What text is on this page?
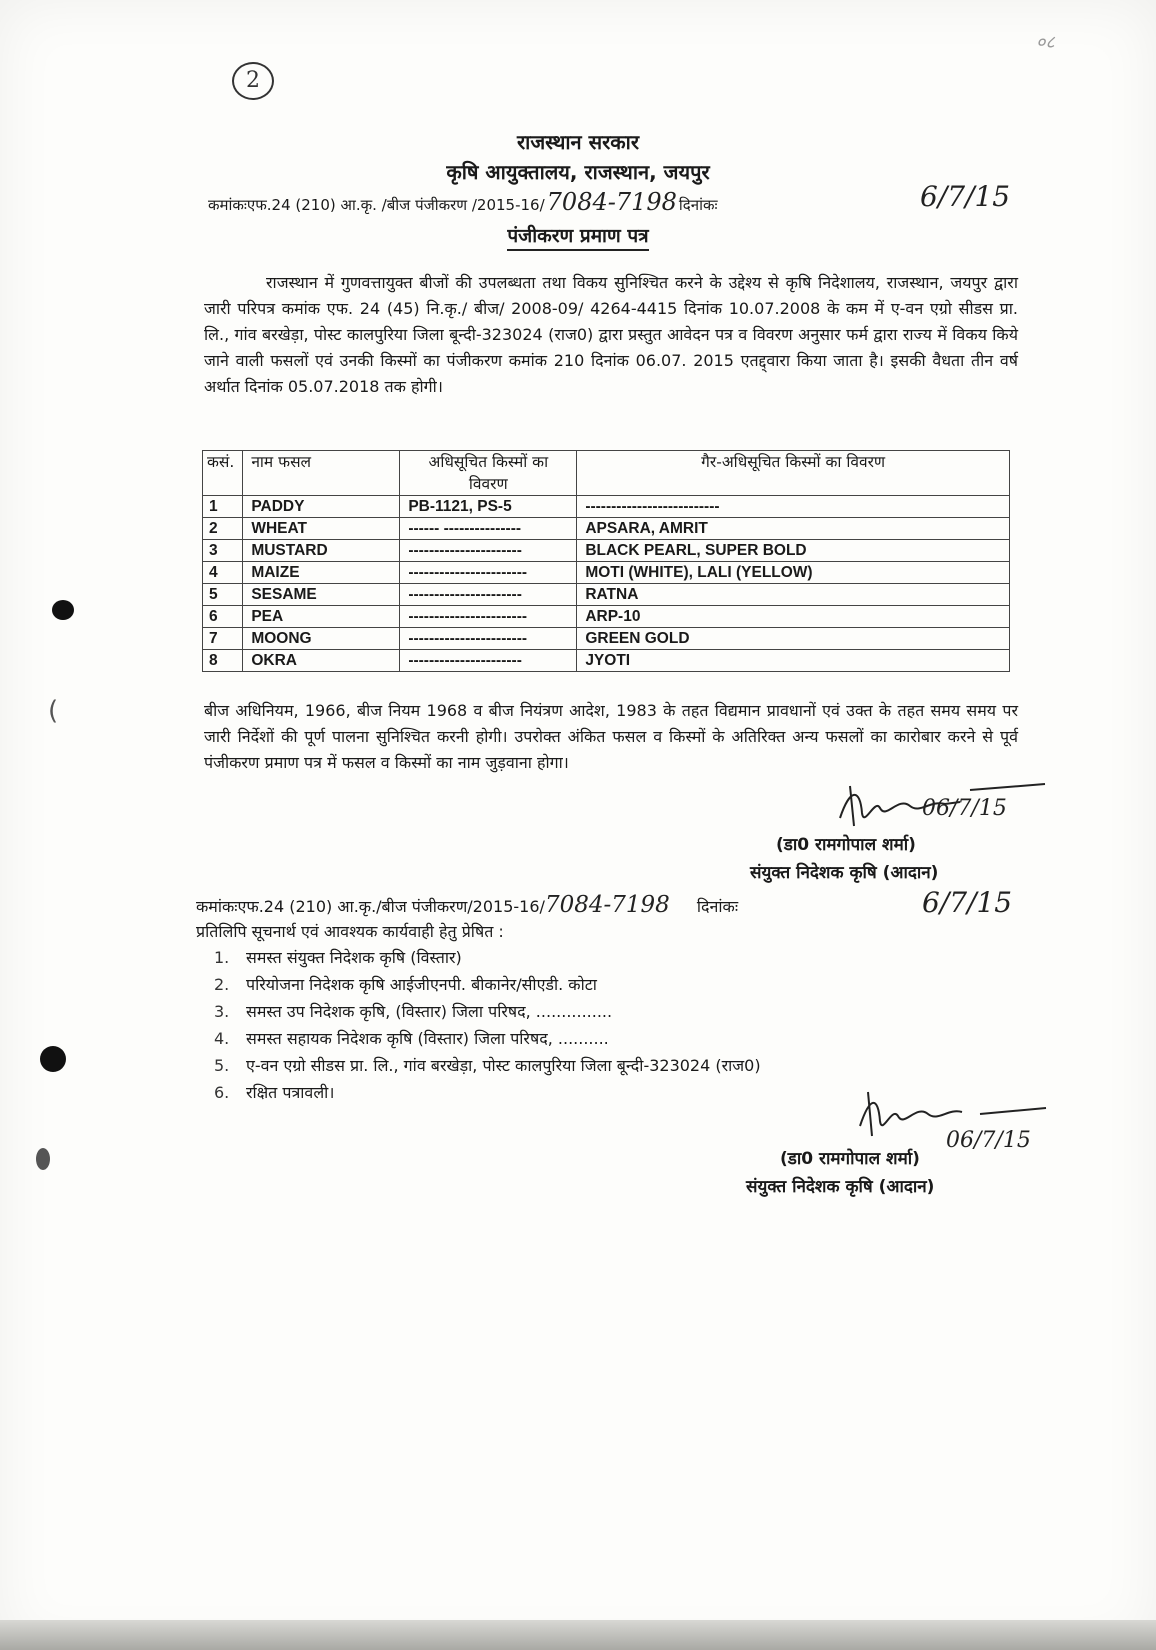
2
०८
राजस्थान सरकार
कृषि आयुक्तालय, राजस्थान, जयपुर
कमांकःएफ.24 (210) आ.कृ. /बीज पंजीकरण /2015-16/7084-7198 दिनांकः	6/7/15
पंजीकरण प्रमाण पत्र
राजस्थान में गुणवत्तायुक्त बीजों की उपलब्धता तथा विकय सुनिश्चित करने के उद्देश्य से कृषि निदेशालय, राजस्थान, जयपुर द्वारा जारी परिपत्र कमांक एफ. 24 (45) नि.कृ./ बीज/ 2008-09/ 4264-4415 दिनांक 10.07.2008 के कम में ए-वन एग्रो सीडस प्रा. लि., गांव बरखेड़ा, पोस्ट कालपुरिया जिला बून्दी-323024 (राज0) द्वारा प्रस्तुत आवेदन पत्र व विवरण अनुसार फर्म द्वारा राज्य में विकय किये जाने वाली फसलों एवं उनकी किस्मों का पंजीकरण कमांक 210 दिनांक 06.07. 2015 एतद्द्वारा किया जाता है। इसकी वैधता तीन वर्ष अर्थात दिनांक 05.07.2018 तक होगी।
कसं.	नाम फसल	अधिसूचित किस्मों का विवरण	गैर-अधिसूचित किस्मों का विवरण
1	PADDY	PB-1121, PS-5	--------------------------
2	WHEAT	------ ---------------	APSARA, AMRIT
3	MUSTARD	----------------------	BLACK PEARL, SUPER BOLD
4	MAIZE	-----------------------	MOTI (WHITE), LALI (YELLOW)
5	SESAME	----------------------	RATNA
6	PEA	-----------------------	ARP-10
7	MOONG	-----------------------	GREEN GOLD
8	OKRA	----------------------	JYOTI
बीज अधिनियम, 1966, बीज नियम 1968 व बीज नियंत्रण आदेश, 1983 के तहत विद्यमान प्रावधानों एवं उक्त के तहत समय समय पर जारी निर्देशों की पूर्ण पालना सुनिश्चित करनी होगी। उपरोक्त अंकित फसल व किस्मों के अतिरिक्त अन्य फसलों का कारोबार करने से पूर्व पंजीकरण प्रमाण पत्र में फसल व किस्मों का नाम जुड़वाना होगा।
06/7/15
(डा0 रामगोपाल शर्मा)
संयुक्त निदेशक कृषि (आदान)
कमांकःएफ.24 (210) आ.कृ./बीज पंजीकरण/2015-16/7084-7198 दिनांकः	6/7/15
प्रतिलिपि सूचनार्थ एवं आवश्यक कार्यवाही हेतु प्रेषित :
1. समस्त संयुक्त निदेशक कृषि (विस्तार)
2. परियोजना निदेशक कृषि आईजीएनपी. बीकानेर/सीएडी. कोटा
3. समस्त उप निदेशक कृषि, (विस्तार) जिला परिषद, ...............
4. समस्त सहायक निदेशक कृषि (विस्तार) जिला परिषद, ..........
5. ए-वन एग्रो सीडस प्रा. लि., गांव बरखेड़ा, पोस्ट कालपुरिया जिला बून्दी-323024 (राज0)
6. रक्षित पत्रावली।
06/7/15
(डा0 रामगोपाल शर्मा)
संयुक्त निदेशक कृषि (आदान)
(
